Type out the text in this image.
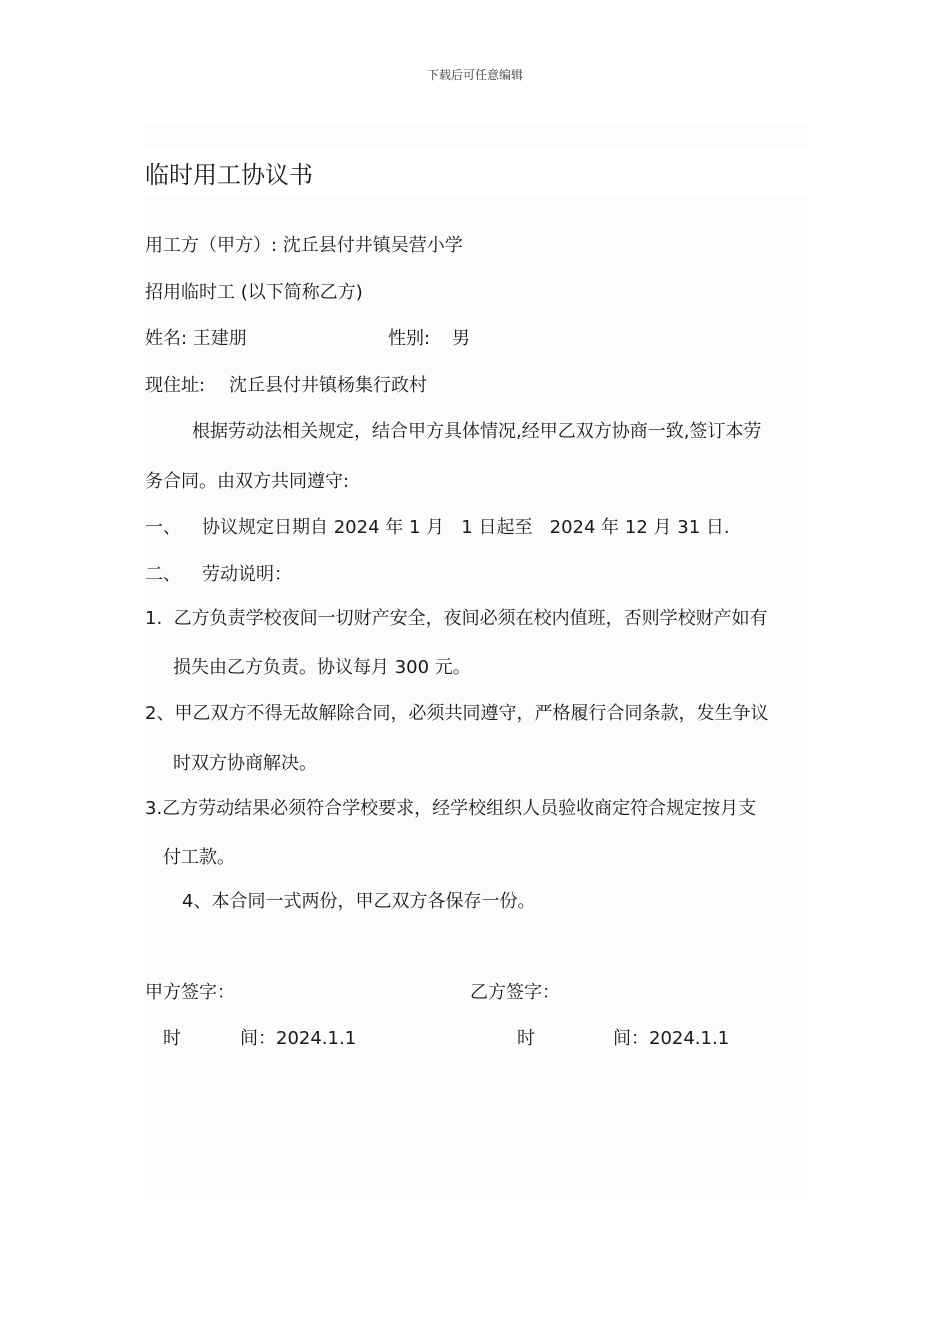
下载后可任意编辑
临时用工协议书
用工方（甲方）: 沈丘县付井镇吴营小学
招用临时工 (以下简称乙方)
姓名: 王建朋	性别: 男
现住址: 沈丘县付井镇杨集行政村
根据劳动法相关规定，结合甲方具体情况,经甲乙双方协商一致,签订本劳
务合同。由双方共同遵守:
一、 协议规定日期自 2024 年 1 月   1 日起至   2024 年 12 月 31 日.
二、 劳动说明：
1.  乙方负责学校夜间一切财产安全，夜间必须在校内值班，否则学校财产如有
损失由乙方负责。协议每月 300 元。
2、甲乙双方不得无故解除合同，必须共同遵守，严格履行合同条款，发生争议
时双方协商解决。
3.乙方劳动结果必须符合学校要求，经学校组织人员验收商定符合规定按月支
付工款。
4、本合同一式两份，甲乙双方各保存一份。
甲方签字：	乙方签字：
时	间：2024.1.1	时	间：2024.1.1
